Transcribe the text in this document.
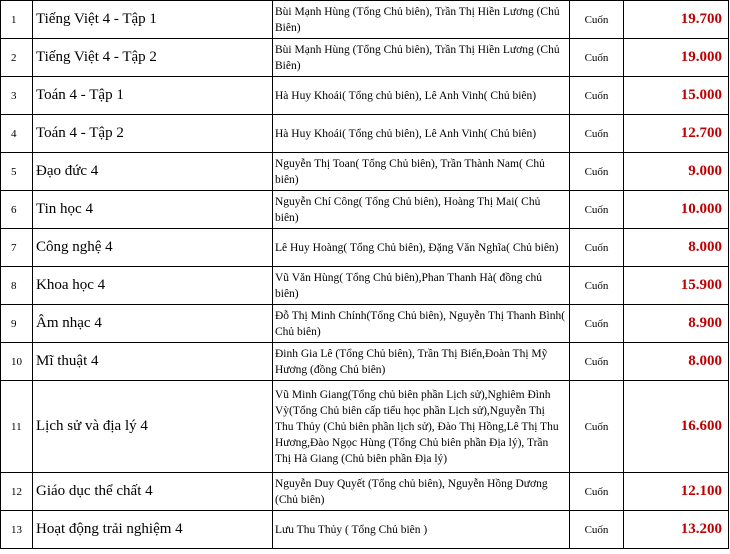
1	Tiếng Việt 4 - Tập 1	Bùi Mạnh Hùng (Tổng Chủ biên), Trần Thị Hiền Lương (Chủ Biên)	Cuốn	19.700
2	Tiếng Việt 4 - Tập 2	Bùi Mạnh Hùng (Tổng Chủ biên), Trần Thị Hiền Lương (Chủ Biên)	Cuốn	19.000
3	Toán 4 - Tập 1	Hà Huy Khoái( Tổng chủ biên), Lê Anh Vinh( Chủ biên)	Cuốn	15.000
4	Toán 4 - Tập 2	Hà Huy Khoái( Tổng chủ biên), Lê Anh Vinh( Chủ biên)	Cuốn	12.700
5	Đạo đức 4	Nguyễn Thị Toan( Tổng Chủ biên), Trần Thành Nam( Chủ biên)	Cuốn	9.000
6	Tin học 4	Nguyễn Chí Công( Tổng Chủ biên), Hoàng Thị Mai( Chủ biên)	Cuốn	10.000
7	Công nghệ 4	Lê Huy Hoàng( Tổng Chủ biên), Đặng Văn Nghĩa( Chủ biên)	Cuốn	8.000
8	Khoa học 4	Vũ Văn Hùng( Tổng Chủ biên),Phan Thanh Hà( đồng chủ biên)	Cuốn	15.900
9	Âm nhạc 4	Đỗ Thị Minh Chính(Tổng Chủ biên), Nguyễn Thị Thanh Bình( Chủ biên)	Cuốn	8.900
10	Mĩ thuật 4	Đinh Gia Lê (Tổng Chủ biên), Trần Thị Biển,Đoàn Thị Mỹ Hương (đồng Chủ biên)	Cuốn	8.000
11	Lịch sử và địa lý 4	Vũ Minh Giang(Tổng chủ biên phần Lịch sử),Nghiêm Đình Vỳ(Tổng Chủ biên cấp tiểu học phần Lịch sử),Nguyễn Thị Thu Thủy (Chủ biên phần lịch sử), Đào Thị Hồng,Lê Thị Thu Hương,Đào Ngọc Hùng (Tổng Chủ biên phần Địa lý), Trần Thị Hà Giang (Chủ biên phần Địa lý)	Cuốn	16.600
12	Giáo dục thể chất 4	Nguyễn Duy Quyết (Tổng chủ biên), Nguyễn Hồng Dương (Chủ biên)	Cuốn	12.100
13	Hoạt động trải nghiệm 4	Lưu Thu Thủy ( Tổng Chủ biên )	Cuốn	13.200
